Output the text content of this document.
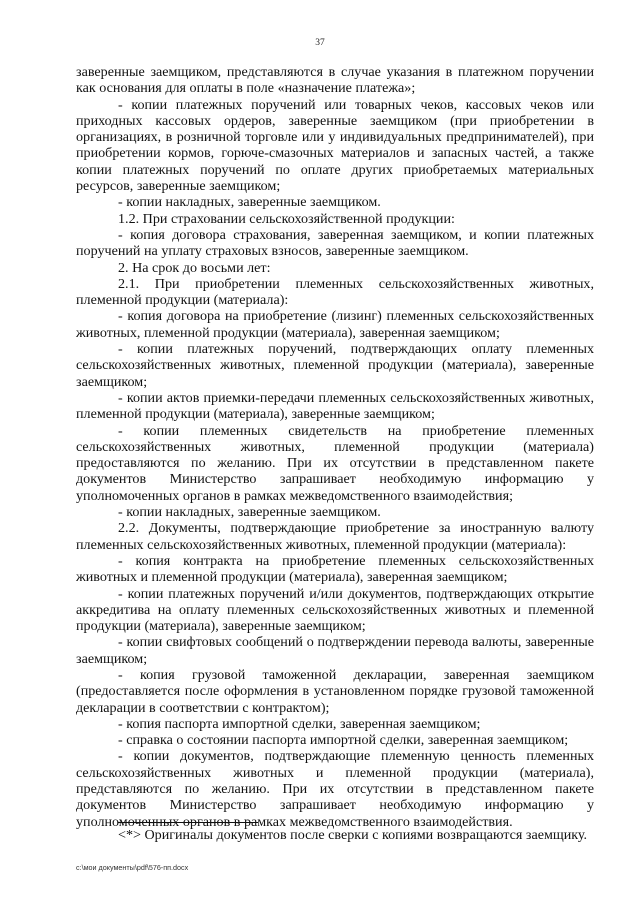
37

заверенные заемщиком, представляются в случае указания в платежном поручении как основания для оплаты в поле «назначение платежа»;

- копии платежных поручений или товарных чеков, кассовых чеков или приходных кассовых ордеров, заверенные заемщиком (при приобретении в организациях, в розничной торговле или у индивидуальных предпринимателей), при приобретении кормов, горюче-смазочных материалов и запасных частей, а также копии платежных поручений по оплате других приобретаемых материальных ресурсов, заверенные заемщиком;

- копии накладных, заверенные заемщиком.

1.2. При страховании сельскохозяйственной продукции:

- копия договора страхования, заверенная заемщиком, и копии платежных поручений на уплату страховых взносов, заверенные заемщиком.

2. На срок до восьми лет:

2.1. При приобретении племенных сельскохозяйственных животных, племенной продукции (материала):

- копия договора на приобретение (лизинг) племенных сельскохозяйственных животных, племенной продукции (материала), заверенная заемщиком;

- копии платежных поручений, подтверждающих оплату племенных сельскохозяйственных животных, племенной продукции (материала), заверенные заемщиком;

- копии актов приемки-передачи племенных сельскохозяйственных животных, племенной продукции (материала), заверенные заемщиком;

- копии племенных свидетельств на приобретение племенных сельскохозяйственных животных, племенной продукции (материала) предоставляются по желанию. При их отсутствии в представленном пакете документов Министерство запрашивает необходимую информацию у уполномоченных органов в рамках межведомственного взаимодействия;

- копии накладных, заверенные заемщиком.

2.2. Документы, подтверждающие приобретение за иностранную валюту племенных сельскохозяйственных животных, племенной продукции (материала):

- копия контракта на приобретение племенных сельскохозяйственных животных и племенной продукции (материала), заверенная заемщиком;

- копии платежных поручений и/или документов, подтверждающих открытие аккредитива на оплату племенных сельскохозяйственных животных и племенной продукции (материала), заверенные заемщиком;

- копии свифтовых сообщений о подтверждении перевода валюты, заверенные заемщиком;

- копия грузовой таможенной декларации, заверенная заемщиком (предоставляется после оформления в установленном порядке грузовой таможенной декларации в соответствии с контрактом);

- копия паспорта импортной сделки, заверенная заемщиком;

- справка о состоянии паспорта импортной сделки, заверенная заемщиком;

- копии документов, подтверждающие племенную ценность племенных сельскохозяйственных животных и племенной продукции (материала), представляются по желанию. При их отсутствии в представленном пакете документов Министерство запрашивает необходимую информацию у уполномоченных органов в рамках межведомственного взаимодействия.

<*> Оригиналы документов после сверки с копиями возвращаются заемщику.
c:\мои документы\pdf\576-пп.docx
